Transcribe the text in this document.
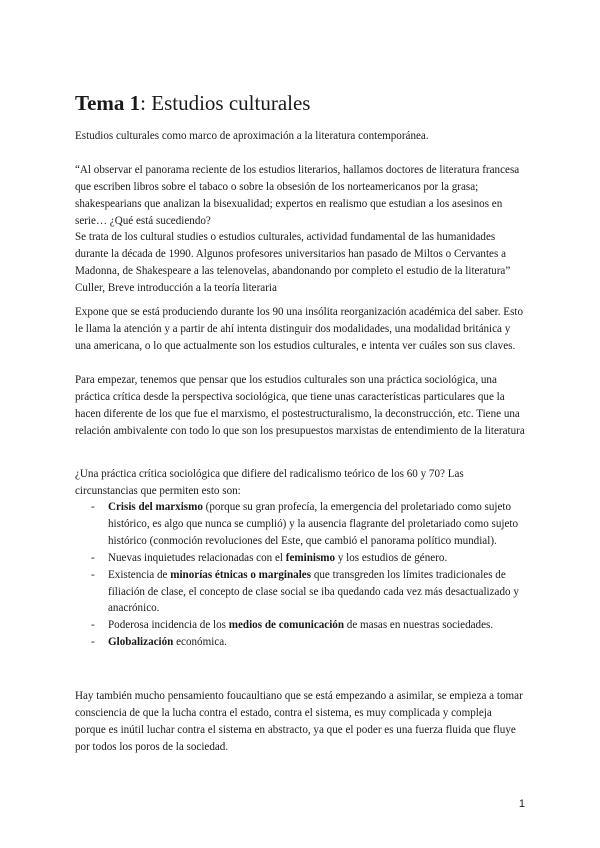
Tema 1: Estudios culturales

Estudios culturales como marco de aproximación a la literatura contemporánea.

“Al observar el panorama reciente de los estudios literarios, hallamos doctores de literatura francesa que escriben libros sobre el tabaco o sobre la obsesión de los norteamericanos por la grasa; shakespearians que analizan la bisexualidad; expertos en realismo que estudian a los asesinos en serie… ¿Qué está sucediendo?

Se trata de los cultural studies o estudios culturales, actividad fundamental de las humanidades durante la década de 1990. Algunos profesores universitarios han pasado de Miltos o Cervantes a Madonna, de Shakespeare a las telenovelas, abandonando por completo el estudio de la literatura” Culler, Breve introducción a la teoría literaria

Expone que se está produciendo durante los 90 una insólita reorganización académica del saber. Esto le llama la atención y a partir de ahí intenta distinguir dos modalidades, una modalidad británica y una americana, o lo que actualmente son los estudios culturales, e intenta ver cuáles son sus claves.

Para empezar, tenemos que pensar que los estudios culturales son una práctica sociológica, una práctica crítica desde la perspectiva sociológica, que tiene unas características particulares que la hacen diferente de los que fue el marxismo, el postestructuralismo, la deconstrucción, etc. Tiene una relación ambivalente con todo lo que son los presupuestos marxistas de entendimiento de la literatura

¿Una práctica crítica sociológica que difiere del radicalismo teórico de los 60 y 70? Las circunstancias que permiten esto son:

- Crisis del marxismo (porque su gran profecía, la emergencia del proletariado como sujeto histórico, es algo que nunca se cumplió) y la ausencia flagrante del proletariado como sujeto histórico (conmoción revoluciones del Este, que cambió el panorama político mundial).
- Nuevas inquietudes relacionadas con el feminismo y los estudios de género.
- Existencia de minorías étnicas o marginales que transgreden los límites tradicionales de filiación de clase, el concepto de clase social se iba quedando cada vez más desactualizado y anacrónico.
- Poderosa incidencia de los medios de comunicación de masas en nuestras sociedades.
- Globalización económica.

Hay también mucho pensamiento foucaultiano que se está empezando a asimilar, se empieza a tomar consciencia de que la lucha contra el estado, contra el sistema, es muy complicada y compleja porque es inútil luchar contra el sistema en abstracto, ya que el poder es una fuerza fluida que fluye por todos los poros de la sociedad.

1
